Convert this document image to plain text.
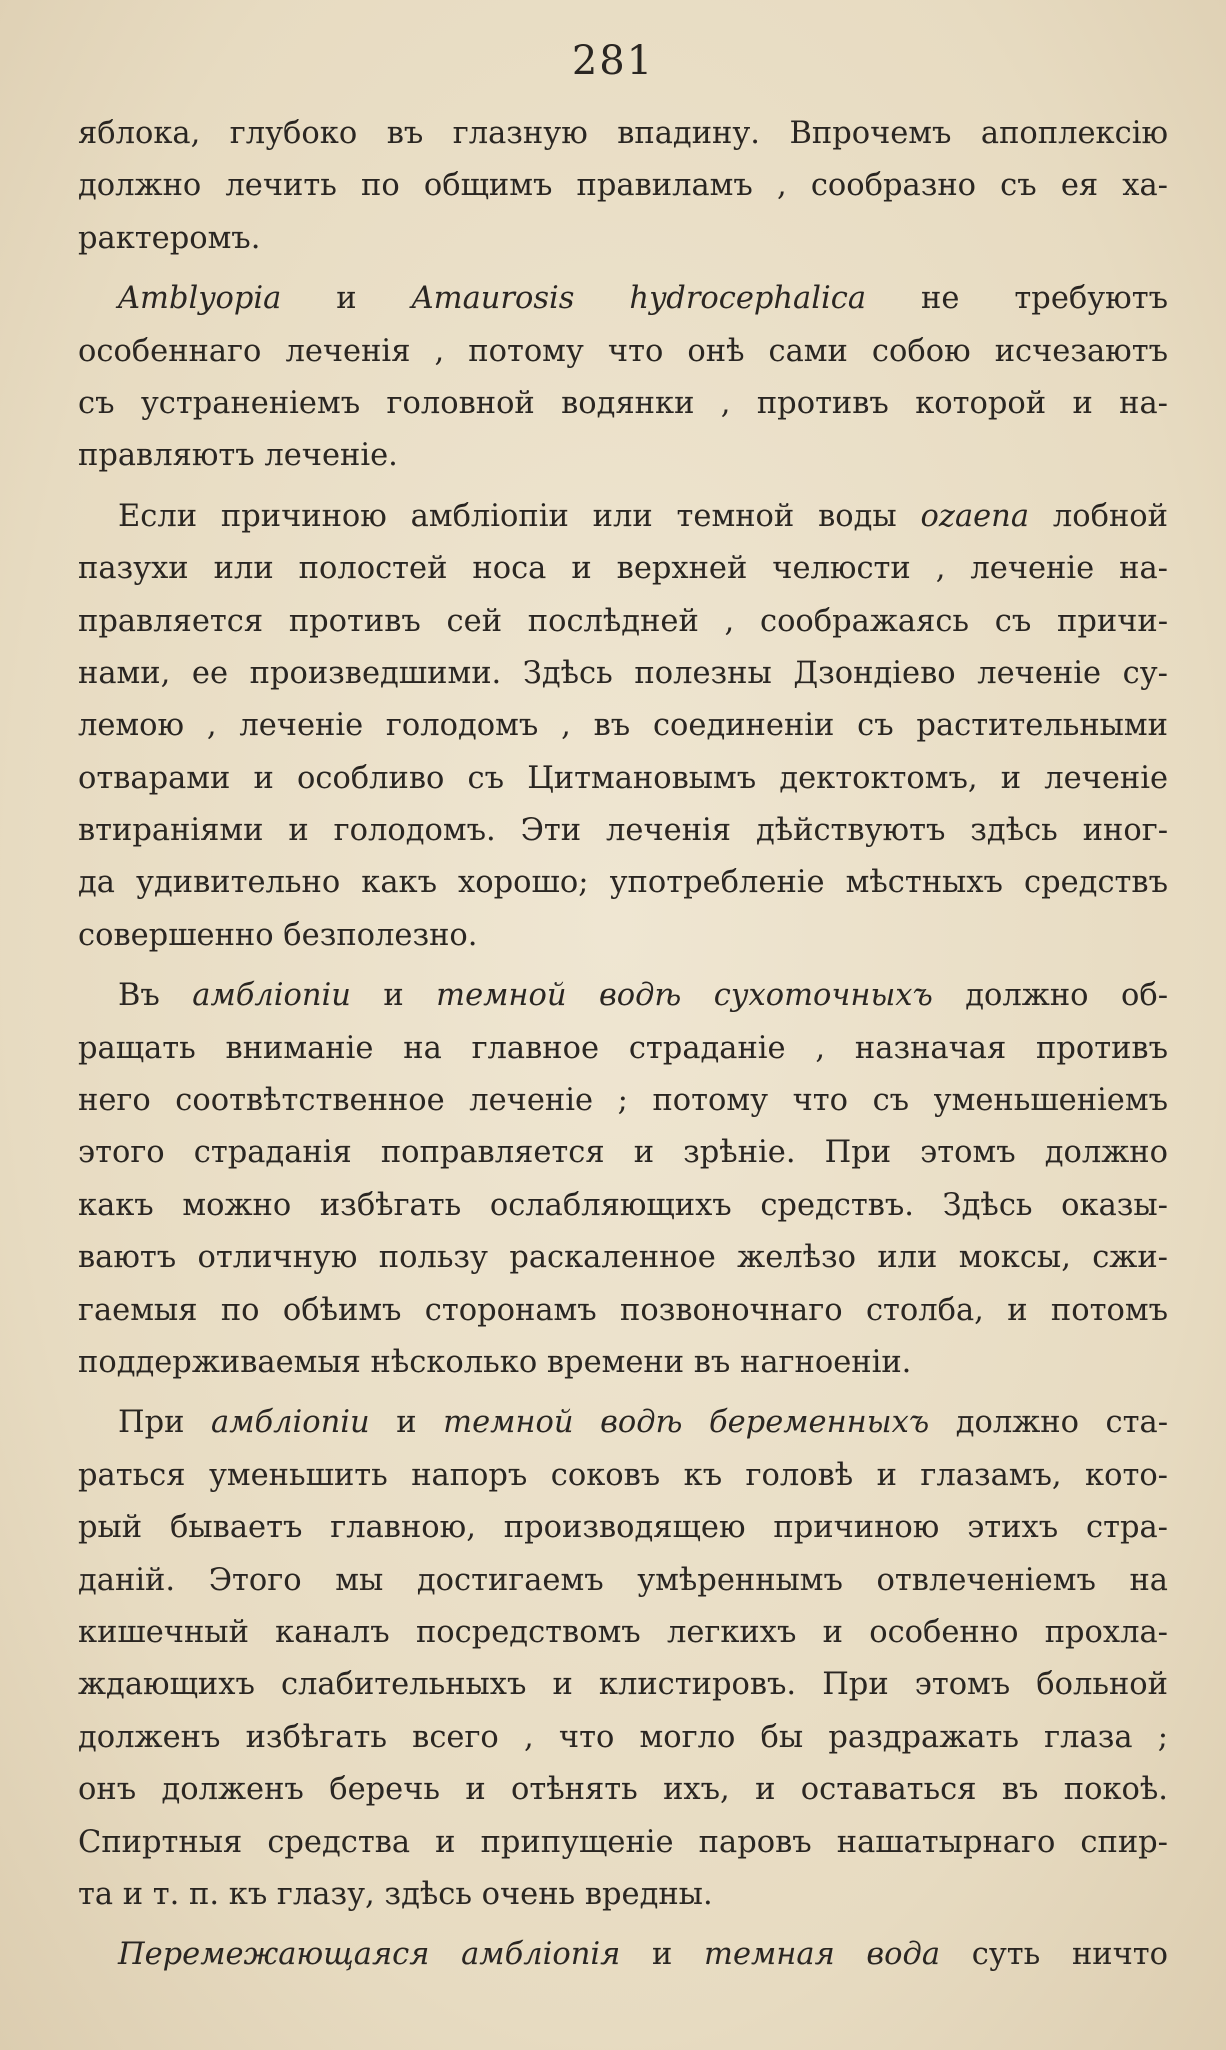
281
яблока, глубоко въ глазную впадину. Впрочемъ апоплексію
должно лечить по общимъ правиламъ , сообразно съ ея ха-
рактеромъ.
Amblyopia и Amaurosis hydrocephalica не требуютъ
особеннаго леченія , потому что онѣ сами собою исчезаютъ
съ устраненіемъ головной водянки , противъ которой и на-
правляютъ леченіе.
Если причиною амбліопіи или темной воды ozaena лобной
пазухи или полостей носа и верхней челюсти , леченіе на-
правляется противъ сей послѣдней , соображаясь съ причи-
нами, ее произведшими. Здѣсь полезны Дзондіево леченіе су-
лемою , леченіе голодомъ , въ соединеніи съ растительными
отварами и особливо съ Цитмановымъ дектоктомъ, и леченіе
втираніями и голодомъ. Эти леченія дѣйствуютъ здѣсь иног-
да удивительно какъ хорошо; употребленіе мѣстныхъ средствъ
совершенно безполезно.
Въ амбліопіи и темной водѣ сухоточныхъ должно об-
ращать вниманіе на главное страданіе , назначая противъ
него соотвѣтственное леченіе ; потому что съ уменьшеніемъ
этого страданія поправляется и зрѣніе. При этомъ должно
какъ можно избѣгать ослабляющихъ средствъ. Здѣсь оказы-
ваютъ отличную пользу раскаленное желѣзо или моксы, сжи-
гаемыя по обѣимъ сторонамъ позвоночнаго столба, и потомъ
поддерживаемыя нѣсколько времени въ нагноеніи.
При амбліопіи и темной водѣ беременныхъ должно ста-
раться уменьшить напоръ соковъ къ головѣ и глазамъ, кото-
рый бываетъ главною, производящею причиною этихъ стра-
даній. Этого мы достигаемъ умѣреннымъ отвлеченіемъ на
кишечный каналъ посредствомъ легкихъ и особенно прохла-
ждающихъ слабительныхъ и клистировъ. При этомъ больной
долженъ избѣгать всего , что могло бы раздражать глаза ;
онъ долженъ беречь и отѣнять ихъ, и оставаться въ покоѣ.
Спиртныя средства и припущеніе паровъ нашатырнаго спир-
та и т. п. къ глазу, здѣсь очень вредны.
Перемежающаяся амбліопія и темная вода суть ничто
